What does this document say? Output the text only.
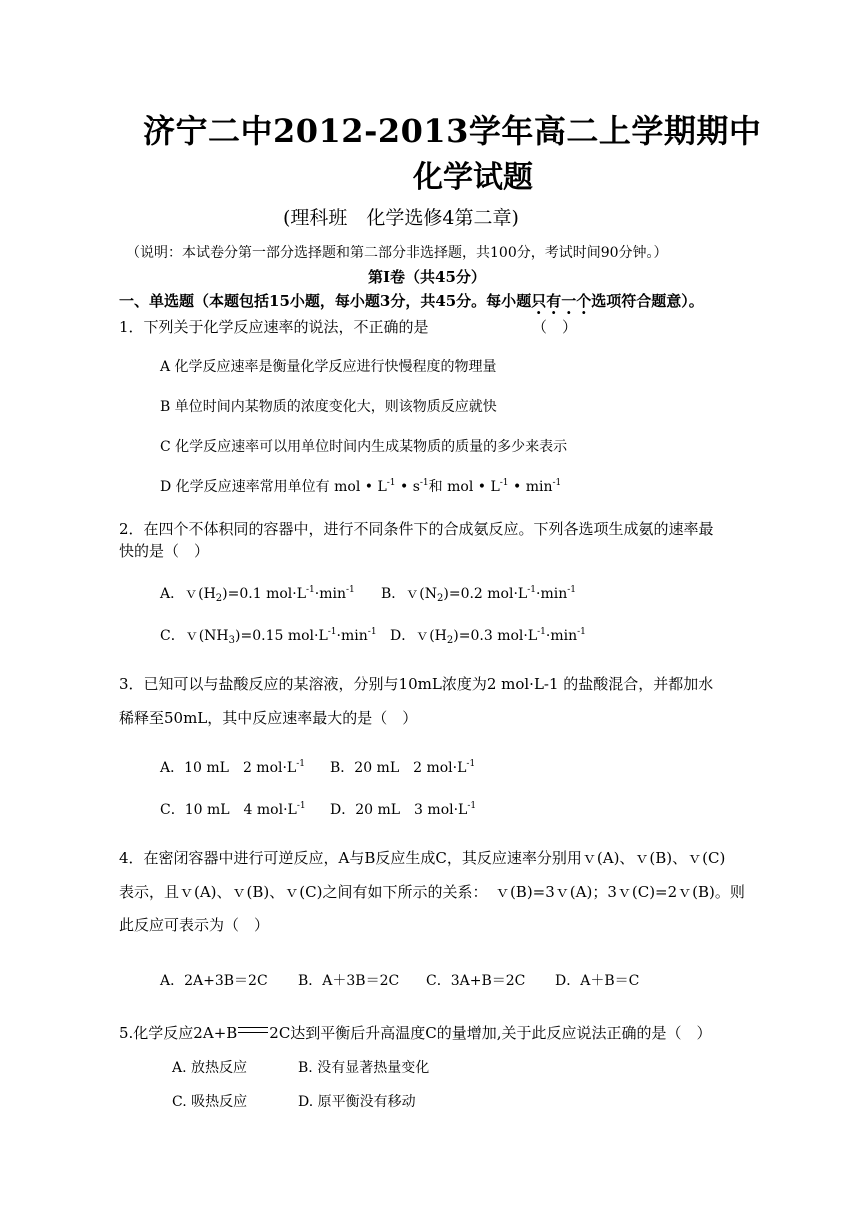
济宁二中2012-2013学年高二上学期期中
化学试题
(理科班　化学选修4第二章)
（说明：本试卷分第一部分选择题和第二部分非选择题，共100分，考试时间90分钟。）
第Ⅰ卷（共45分）
一、单选题（本题包括15小题，每小题3分，共45分。每小题只有一个选项符合题意）。
1．下列关于化学反应速率的说法，不正确的是	（　）
A 化学反应速率是衡量化学反应进行快慢程度的物理量
B 单位时间内某物质的浓度变化大，则该物质反应就快
C 化学反应速率可以用单位时间内生成某物质的质量的多少来表示
D 化学反应速率常用单位有 mol • $L^{-1}$ • $s^{-1}$和 mol • $L^{-1}$ • $\min^{-1}$
2．在四个不体积同的容器中，进行不同条件下的合成氨反应。下列各选项生成氨的速率最
快的是（　）
A．$v(H_2)=0.1$ $mol\cdot L^{-1}\cdot\min^{-1}$ B．$v(N_2)=0.2$ $mol\cdot L^{-1}\cdot\min^{-1}$
C．$v(NH_3)=0.15$ $mol\cdot L^{-1}\cdot\min^{-1}$ D．$v(H_2)=0.3$ $mol\cdot L^{-1}\cdot\min^{-1}$
3．已知可以与盐酸反应的某溶液，分别与10mL浓度为2 mol·L-1 的盐酸混合，并都加水
稀释至50mL，其中反应速率最大的是（　）
A．10 mL　2 $mol\cdot L^{-1}$ B．20 mL　2 $mol\cdot L^{-1}$
C．10 mL　4 $mol\cdot L^{-1}$ D．20 mL　3 $mol\cdot L^{-1}$
4．在密闭容器中进行可逆反应，A与B反应生成C，其反应速率分别用ｖ(A)、ｖ(B)、ｖ(C)
表示，且ｖ(A)、ｖ(B)、ｖ(C)之间有如下所示的关系：　ｖ(B)=3ｖ(A)；3ｖ(C)=2ｖ(B)。则
此反应可表示为（　）
A．2A+3B＝2C B．A＋3B＝2C C．3A+B＝2C D．A＋B＝C
5.化学反应2A+B 2C达到平衡后升高温度C的量增加,关于此反应说法正确的是（　）
A. 放热反应	B. 没有显著热量变化
C. 吸热反应	D. 原平衡没有移动
